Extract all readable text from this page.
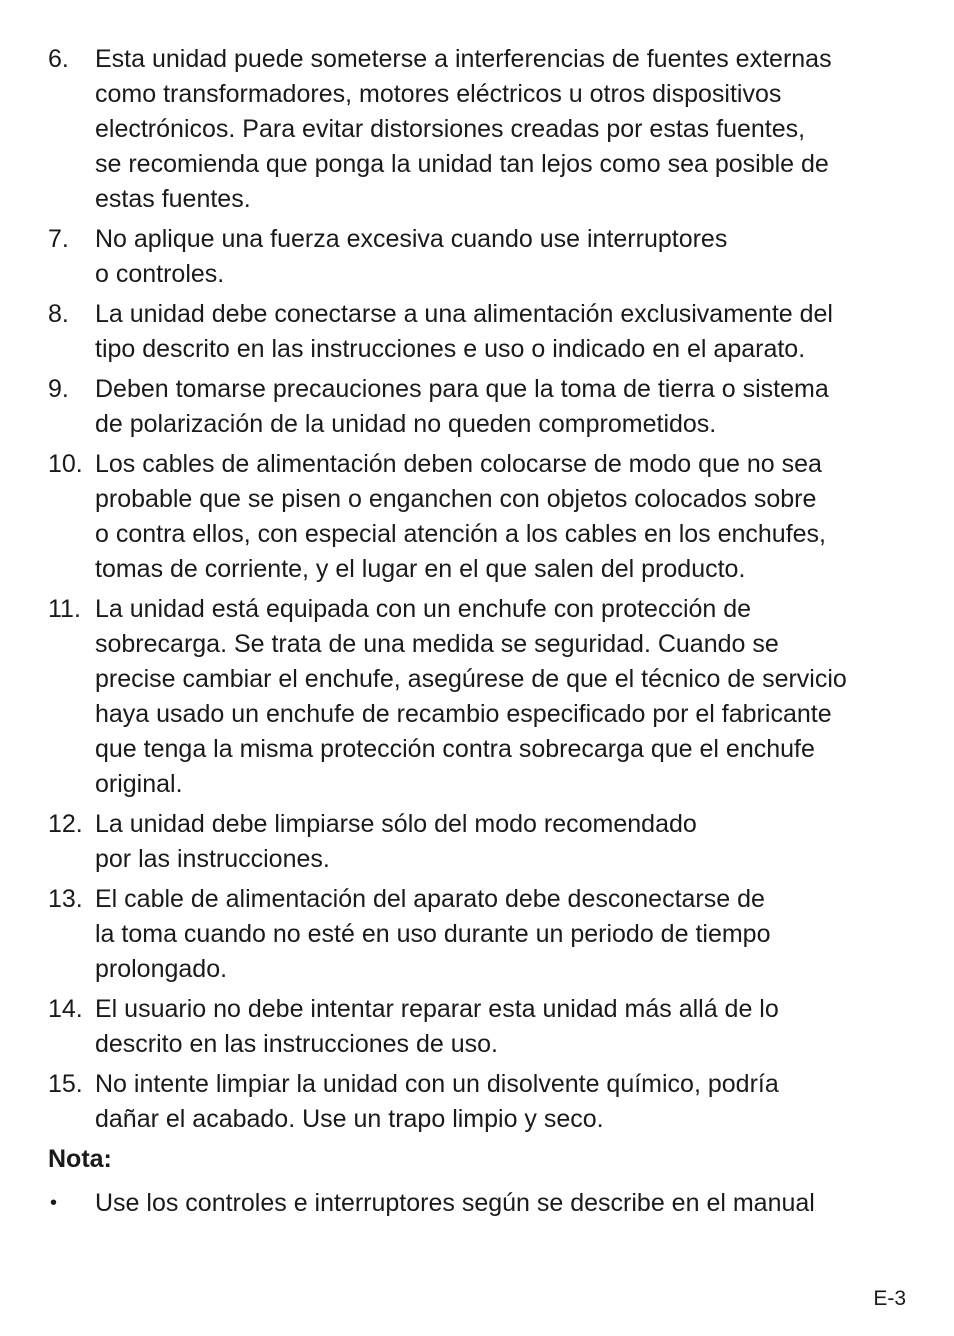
6.	Esta unidad puede someterse a interferencias de fuentes externas
como transformadores, motores eléctricos u otros dispositivos
electrónicos. Para evitar distorsiones creadas por estas fuentes,
se recomienda que ponga la unidad tan lejos como sea posible de
estas fuentes.
7.	No aplique una fuerza excesiva cuando use interruptores
o controles.
8.	La unidad debe conectarse a una alimentación exclusivamente del
tipo descrito en las instrucciones e uso o indicado en el aparato.
9.	Deben tomarse precauciones para que la toma de tierra o sistema
de polarización de la unidad no queden comprometidos.
10. Los cables de alimentación deben colocarse de modo que no sea
probable que se pisen o enganchen con objetos colocados sobre
o contra ellos, con especial atención a los cables en los enchufes,
tomas de corriente, y el lugar en el que salen del producto.
11. La unidad está equipada con un enchufe con protección de
sobrecarga. Se trata de una medida se seguridad. Cuando se
precise cambiar el enchufe, asegúrese de que el técnico de servicio
haya usado un enchufe de recambio especificado por el fabricante
que tenga la misma protección contra sobrecarga que el enchufe
original.
12. La unidad debe limpiarse sólo del modo recomendado
por las instrucciones.
13. El cable de alimentación del aparato debe desconectarse de
la toma cuando no esté en uso durante un periodo de tiempo
prolongado.
14. El usuario no debe intentar reparar esta unidad más allá de lo
descrito en las instrucciones de uso.
15. No intente limpiar la unidad con un disolvente químico, podría
dañar el acabado. Use un trapo limpio y seco.
Nota:
•	Use los controles e interruptores según se describe en el manual
E-3
